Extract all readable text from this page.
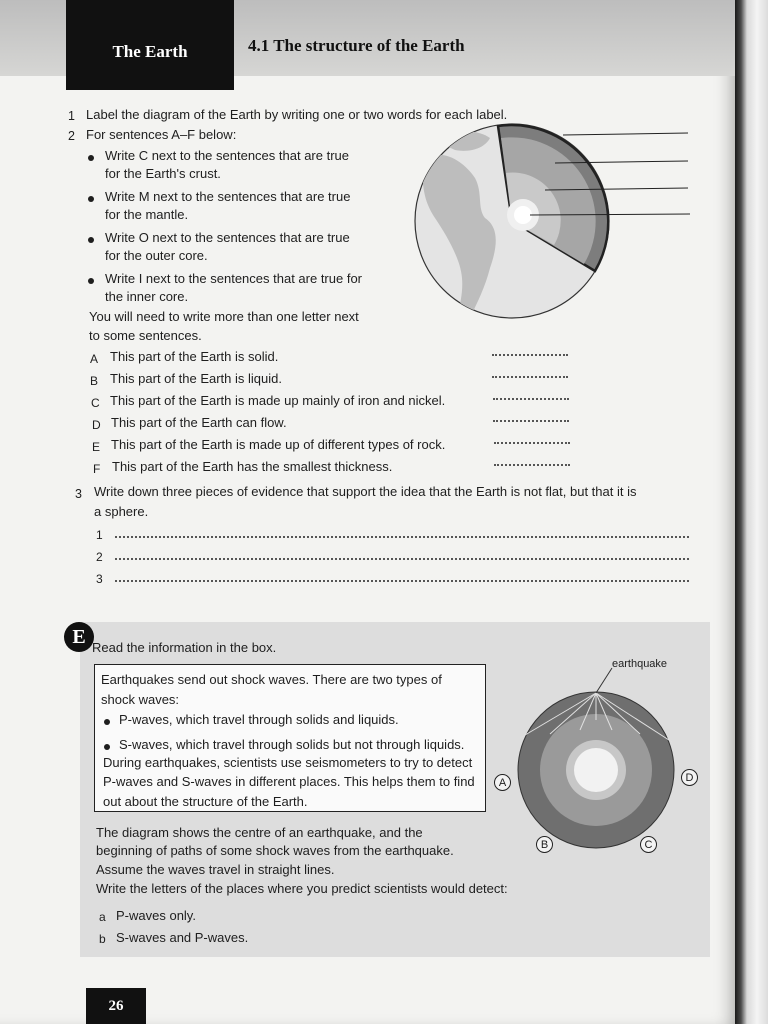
The Earth	4.1 The structure of the Earth
1 Label the diagram of the Earth by writing one or two words for each label.
2 For sentences A–F below:
Write C next to the sentences that are true
for the Earth's crust.
Write M next to the sentences that are true
for the mantle.
Write O next to the sentences that are true
for the outer core.
Write I next to the sentences that are true for
the inner core.
You will need to write more than one letter next
to some sentences.
A This part of the Earth is solid.
B This part of the Earth is liquid.
C This part of the Earth is made up mainly of iron and nickel.
D This part of the Earth can flow.
E This part of the Earth is made up of different types of rock.
F This part of the Earth has the smallest thickness.
3 Write down three pieces of evidence that support the idea that the Earth is not flat, but that it is
a sphere.
1
2
3
E Read the information in the box.
Earthquakes send out shock waves. There are two types of
shock waves:
P-waves, which travel through solids and liquids.
S-waves, which travel through solids but not through liquids.
During earthquakes, scientists use seismometers to try to detect
P-waves and S-waves in different places. This helps them to find
out about the structure of the Earth.
The diagram shows the centre of an earthquake, and the
beginning of paths of some shock waves from the earthquake.
Assume the waves travel in straight lines.
Write the letters of the places where you predict scientists would detect:
a P-waves only.
b S-waves and P-waves.
earthquake
A
B	C
D
26
